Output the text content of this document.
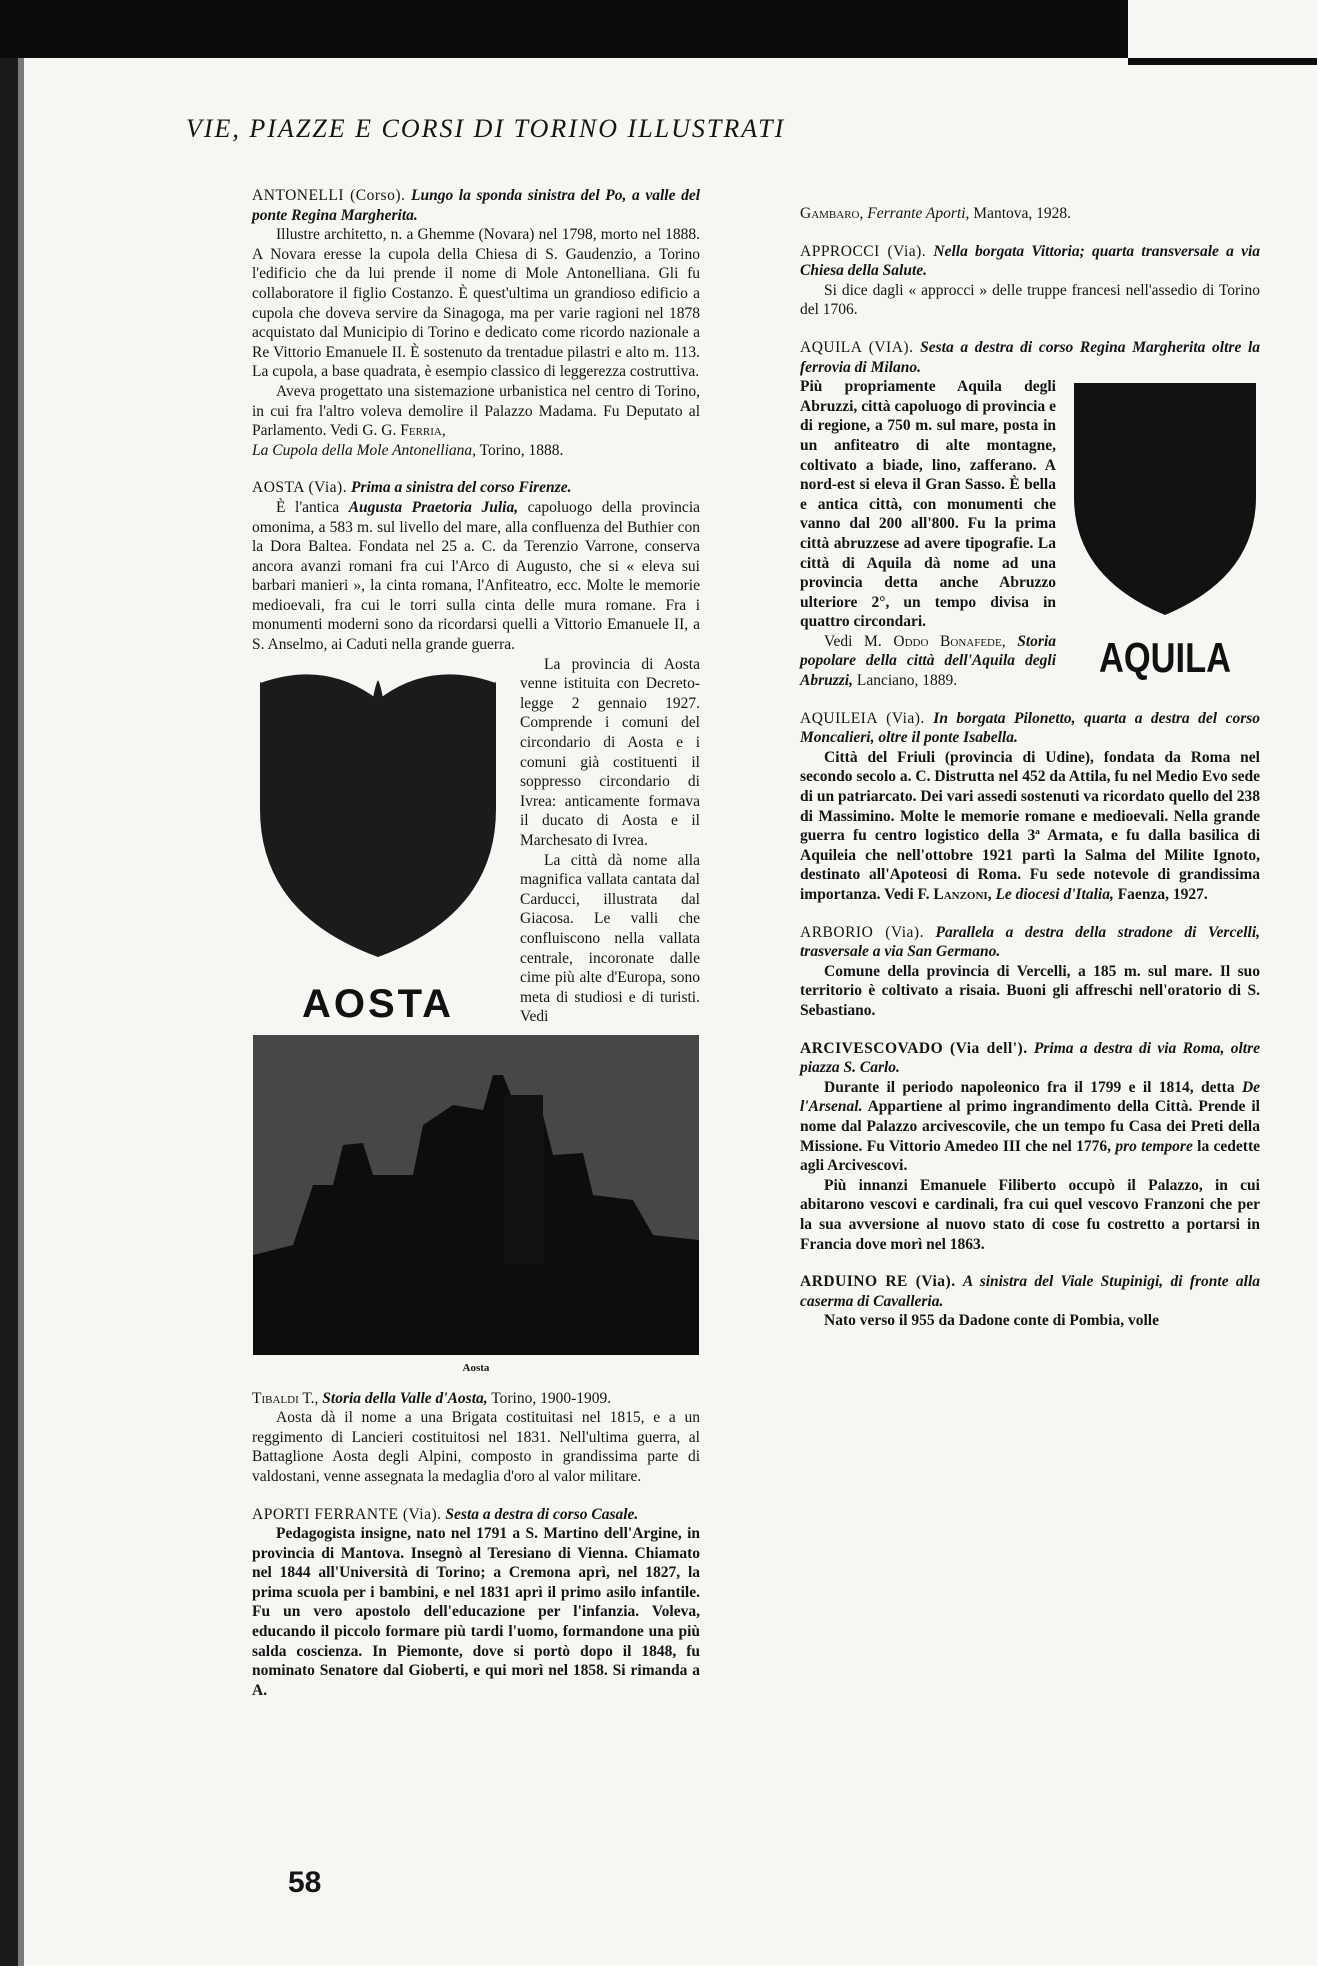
VIE, PIAZZE E CORSI DI TORINO ILLUSTRATI

ANTONELLI (Corso). Lungo la sponda sinistra del Po, a valle del ponte Regina Margherita.

Illustre architetto, n. a Ghemme (Novara) nel 1798, morto nel 1888. A Novara eresse la cupola della Chiesa di S. Gaudenzio, a Torino l'edificio che da lui prende il nome di Mole Antonelliana. Gli fu collaboratore il figlio Costanzo. È quest'ultima un grandioso edificio a cupola che doveva servire da Sinagoga, ma per varie ragioni nel 1878 acquistato dal Municipio di Torino e dedicato come ricordo nazionale a Re Vittorio Emanuele II. È sostenuto da trentadue pilastri e alto m. 113. La cupola, a base quadrata, è esempio classico di leggerezza costruttiva.

Aveva progettato una sistemazione urbanistica nel centro di Torino, in cui fra l'altro voleva demolire il Palazzo Madama. Fu Deputato al Parlamento. Vedi G. G. Ferria,
La Cupola della Mole Antonelliana, Torino, 1888.

AOSTA (Via). Prima a sinistra del corso Firenze.

È l'antica Augusta Praetoria Julia, capoluogo della provincia omonima, a 583 m. sul livello del mare, alla confluenza del Buthier con la Dora Baltea. Fondata nel 25 a. C. da Terenzio Varrone, conserva ancora avanzi romani fra cui l'Arco di Augusto, che si « eleva sui barbari manieri », la cinta romana, l'Anfiteatro, ecc. Molte le memorie medioevali, fra cui le torri sulla cinta delle mura romane. Fra i monumenti moderni sono da ricordarsi quelli a Vittorio Emanuele II, a S. Anselmo, ai Caduti nella grande guerra.

AOSTA

La provincia di Aosta venne istituita con Decreto-legge 2 gennaio 1927. Comprende i comuni del circondario di Aosta e i comuni già costituenti il soppresso circondario di Ivrea: anticamente formava il ducato di Aosta e il Marchesato di Ivrea.

La città dà nome alla magnifica vallata cantata dal Carducci, illustrata dal Giacosa. Le valli che confluiscono nella vallata centrale, incoronate dalle cime più alte d'Europa, sono meta di studiosi e di turisti. Vedi

Aosta

Tibaldi T., Storia della Valle d'Aosta, Torino, 1900-1909.

Aosta dà il nome a una Brigata costituitasi nel 1815, e a un reggimento di Lancieri costituitosi nel 1831. Nell'ultima guerra, al Battaglione Aosta degli Alpini, composto in grandissima parte di valdostani, venne assegnata la medaglia d'oro al valor militare.

APORTI FERRANTE (Via). Sesta a destra di corso Casale.

Pedagogista insigne, nato nel 1791 a S. Martino dell'Argine, in provincia di Mantova. Insegnò al Teresiano di Vienna. Chiamato nel 1844 all'Università di Torino; a Cremona aprì, nel 1827, la prima scuola per i bambini, e nel 1831 aprì il primo asilo infantile. Fu un vero apostolo dell'educazione per l'infanzia. Voleva, educando il piccolo formare più tardi l'uomo, formandone una più salda coscienza. In Piemonte, dove si portò dopo il 1848, fu nominato Senatore dal Gioberti, e qui morì nel 1858. Si rimanda a A.

Gambaro, Ferrante Aporti, Mantova, 1928.

APPROCCI (Via). Nella borgata Vittoria; quarta transversale a via Chiesa della Salute.

Si dice dagli « approcci » delle truppe francesi nell'assedio di Torino del 1706.

AQUILA (VIA). Sesta a destra di corso Regina Margherita oltre la ferrovia di Milano.

AQUILA

Più propriamente Aquila degli Abruzzi, città capoluogo di provincia e di regione, a 750 m. sul mare, posta in un anfiteatro di alte montagne, coltivato a biade, lino, zafferano. A nord-est si eleva il Gran Sasso. È bella e antica città, con monumenti che vanno dal 200 all'800. Fu la prima città abruzzese ad avere tipografie. La città di Aquila dà nome ad una provincia detta anche Abruzzo ulteriore 2°, un tempo divisa in quattro circondari.

Vedi M. Oddo Bonafede, Storia popolare della città dell'Aquila degli Abruzzi, Lanciano, 1889.

AQUILEIA (Via). In borgata Pilonetto, quarta a destra del corso Moncalieri, oltre il ponte Isabella.

Città del Friuli (provincia di Udine), fondata da Roma nel secondo secolo a. C. Distrutta nel 452 da Attila, fu nel Medio Evo sede di un patriarcato. Dei vari assedi sostenuti va ricordato quello del 238 di Massimino. Molte le memorie romane e medioevali. Nella grande guerra fu centro logistico della 3ª Armata, e fu dalla basilica di Aquileia che nell'ottobre 1921 partì la Salma del Milite Ignoto, destinato all'Apoteosi di Roma. Fu sede notevole di grandissima importanza. Vedi F. Lanzoni, Le diocesi d'Italia, Faenza, 1927.

ARBORIO (Via). Parallela a destra della stradone di Vercelli, trasversale a via San Germano.

Comune della provincia di Vercelli, a 185 m. sul mare. Il suo territorio è coltivato a risaia. Buoni gli affreschi nell'oratorio di S. Sebastiano.

ARCIVESCOVADO (Via dell'). Prima a destra di via Roma, oltre piazza S. Carlo.

Durante il periodo napoleonico fra il 1799 e il 1814, detta De l'Arsenal. Appartiene al primo ingrandimento della Città. Prende il nome dal Palazzo arcivescovile, che un tempo fu Casa dei Preti della Missione. Fu Vittorio Amedeo III che nel 1776, pro tempore la cedette agli Arcivescovi.

Più innanzi Emanuele Filiberto occupò il Palazzo, in cui abitarono vescovi e cardinali, fra cui quel vescovo Franzoni che per la sua avversione al nuovo stato di cose fu costretto a portarsi in Francia dove morì nel 1863.

ARDUINO RE (Via). A sinistra del Viale Stupinigi, di fronte alla caserma di Cavalleria.

Nato verso il 955 da Dadone conte di Pombia, volle

58
